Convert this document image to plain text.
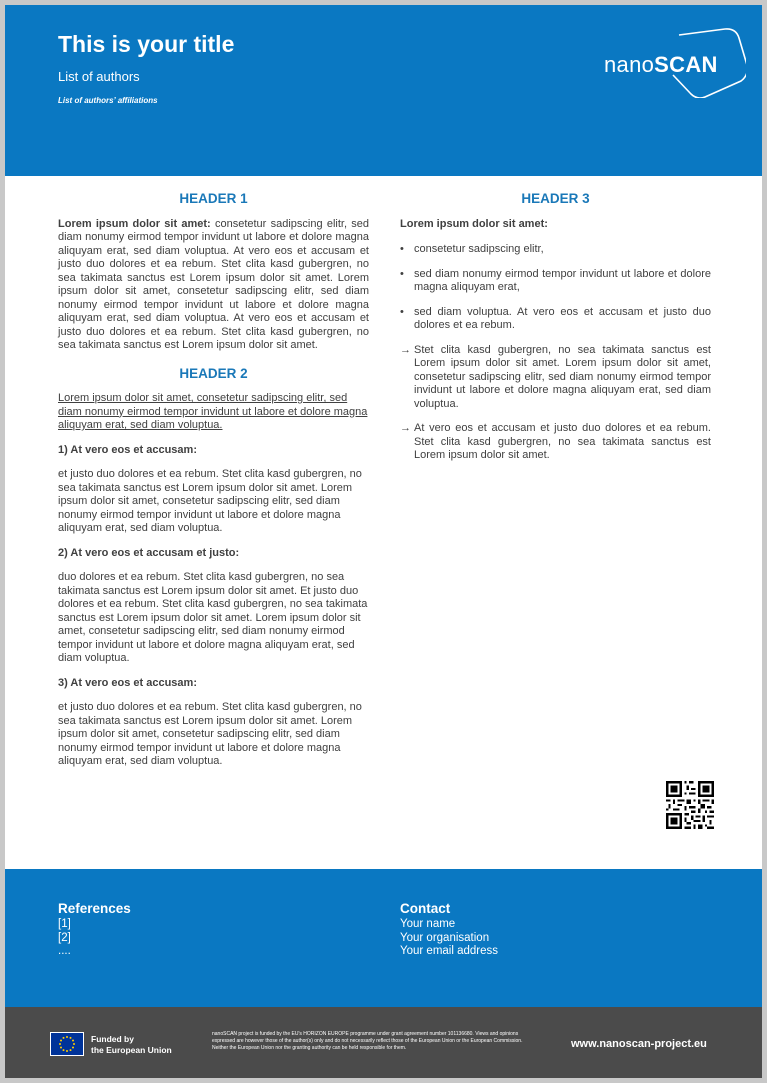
This is your title
List of authors
List of authors’ affiliations
nanoSCAN
HEADER 1

Lorem ipsum dolor sit amet: consetetur sadipscing elitr, sed diam nonumy eirmod tempor invidunt ut labore et dolore magna aliquyam erat, sed diam voluptua. At vero eos et accusam et justo duo dolores et ea rebum. Stet clita kasd gubergren, no sea takimata sanctus est Lorem ipsum dolor sit amet. Lorem ipsum dolor sit amet, consetetur sadipscing elitr, sed diam nonumy eirmod tempor invidunt ut labore et dolore magna aliquyam erat, sed diam voluptua. At vero eos et accusam et justo duo dolores et ea rebum. Stet clita kasd gubergren, no sea takimata sanctus est Lorem ipsum dolor sit amet.

HEADER 2

Lorem ipsum dolor sit amet, consetetur sadipscing elitr, sed diam nonumy eirmod tempor invidunt ut labore et dolore magna aliquyam erat, sed diam voluptua.

1) At vero eos et accusam:

et justo duo dolores et ea rebum. Stet clita kasd gubergren, no sea takimata sanctus est Lorem ipsum dolor sit amet. Lorem ipsum dolor sit amet, consetetur sadipscing elitr, sed diam nonumy eirmod tempor invidunt ut labore et dolore magna aliquyam erat, sed diam voluptua.

2) At vero eos et accusam et justo:

duo dolores et ea rebum. Stet clita kasd gubergren, no sea takimata sanctus est Lorem ipsum dolor sit amet. Et justo duo dolores et ea rebum. Stet clita kasd gubergren, no sea takimata sanctus est Lorem ipsum dolor sit amet. Lorem ipsum dolor sit amet, consetetur sadipscing elitr, sed diam nonumy eirmod tempor invidunt ut labore et dolore magna aliquyam erat, sed diam voluptua.

3) At vero eos et accusam:

et justo duo dolores et ea rebum. Stet clita kasd gubergren, no sea takimata sanctus est Lorem ipsum dolor sit amet. Lorem ipsum dolor sit amet, consetetur sadipscing elitr, sed diam nonumy eirmod tempor invidunt ut labore et dolore magna aliquyam erat, sed diam voluptua.

HEADER 3

Lorem ipsum dolor sit amet:

• consetetur sadipscing elitr,
• sed diam nonumy eirmod tempor invidunt ut labore et dolore magna aliquyam erat,
• sed diam voluptua. At vero eos et accusam et justo duo dolores et ea rebum.
→ Stet clita kasd gubergren, no sea takimata sanctus est Lorem ipsum dolor sit amet. Lorem ipsum dolor sit amet, consetetur sadipscing elitr, sed diam nonumy eirmod tempor invidunt ut labore et dolore magna aliquyam erat, sed diam voluptua.
→ At vero eos et accusam et justo duo dolores et ea rebum. Stet clita kasd gubergren, no sea takimata sanctus est Lorem ipsum dolor sit amet.
References
[1]
[2]
....
Contact
Your name
Your organisation
Your email address
Funded by
the European Union
nanoSCAN project is funded by the EU's HORIZON EUROPE programme under grant agreement number 101136680. Views and opinions expressed are however those of the author(s) only and do not necessarily reflect those of the European Union or the European Commission. Neither the European Union nor the granting authority can be held responsible for them.	www.nanoscan-project.eu
